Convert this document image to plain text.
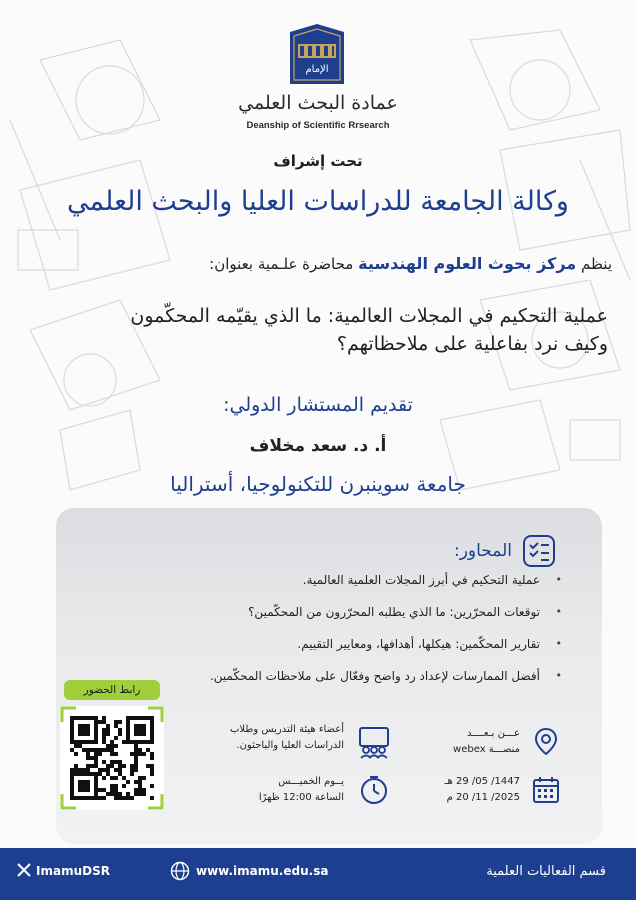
الإمام
عمادة البحث العلمي
Deanship of Scientific Rrsearch
تحت إشراف
وكالة الجامعة للدراسات العليا والبحث العلمي
ينظم مركز بحوث العلوم الهندسية محاضرة علـمية بعنوان:
عملية التحكيم في المجلات العالمية: ما الذي يقيّمه المحكّمون
وكيف نرد بفاعلية على ملاحظاتهم؟
تقديم المستشار الدولي:
أ. د. سعد مخلاف
جامعة سوينبرن للتكنولوجيا، أستراليا
المحاور:
• عملية التحكيم في أبرز المجلات العلمية العالمية.
• توقعات المحرّرين: ما الذي يطلبه المحرّرون من المحكّمين؟
• تقارير المحكّمين: هيكلها، أهدافها، ومعايير التقييم.
• أفضل الممارسات لإعداد رد واضح وفعّال على ملاحظات المحكّمين.
رابط الحضور
عـــن بـعــــد
منصـــة webex
أعضاء هيئة التدريس وطلاب
الدراسات العليا والباحثون.
1447/ 05/ 29 هـ
2025/ 11/ 20 م
يــوم الخميـــس
الساعة 12:00 ظهرًا
قسم الفعاليات العلمية
www.imamu.edu.sa
ImamuDSR
